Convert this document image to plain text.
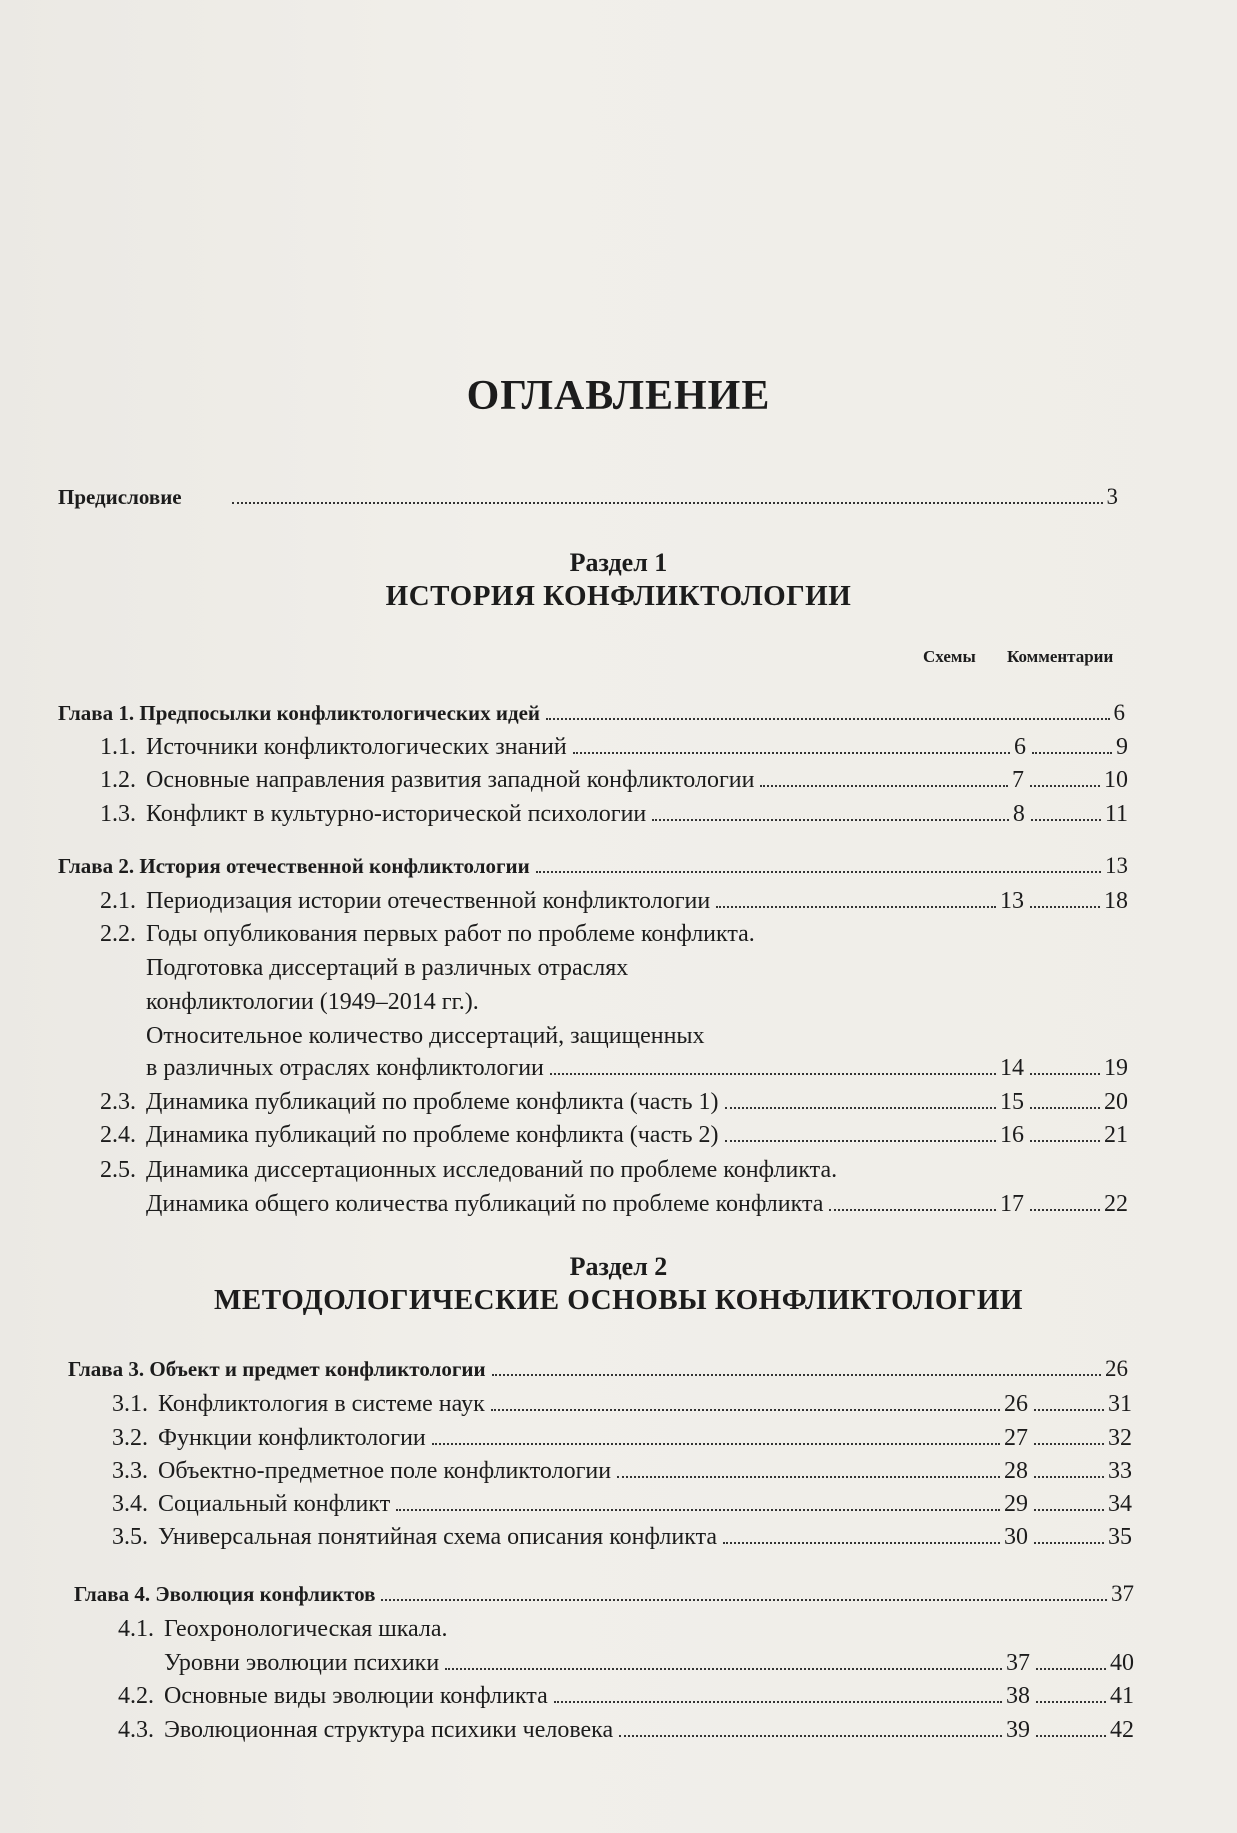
ОГЛАВЛЕНИЕ
Предисловие	3
Раздел 1
ИСТОРИЯ КОНФЛИКТОЛОГИИ
Схемы Комментарии
Глава 1. Предпосылки конфликтологических идей	6
1.1. Источники конфликтологических знаний	6	9
1.2. Основные направления развития западной конфликтологии	7	10
1.3. Конфликт в культурно-исторической психологии	8	11
Глава 2. История отечественной конфликтологии	13
2.1. Периодизация истории отечественной конфликтологии	13	18
2.2. Годы опубликования первых работ по проблеме конфликта.
Подготовка диссертаций в различных отраслях
конфликтологии (1949–2014 гг.).
Относительное количество диссертаций, защищенных
в различных отраслях конфликтологии	14	19
2.3. Динамика публикаций по проблеме конфликта (часть 1)	15	20
2.4. Динамика публикаций по проблеме конфликта (часть 2)	16	21
2.5. Динамика диссертационных исследований по проблеме конфликта.
Динамика общего количества публикаций по проблеме конфликта	17	22
Раздел 2
МЕТОДОЛОГИЧЕСКИЕ ОСНОВЫ КОНФЛИКТОЛОГИИ
Глава 3. Объект и предмет конфликтологии	26
3.1. Конфликтология в системе наук	26	31
3.2. Функции конфликтологии	27	32
3.3. Объектно-предметное поле конфликтологии	28	33
3.4. Социальный конфликт	29	34
3.5. Универсальная понятийная схема описания конфликта	30	35
Глава 4. Эволюция конфликтов	37
4.1. Геохронологическая шкала.
Уровни эволюции психики	37	40
4.2. Основные виды эволюции конфликта	38	41
4.3. Эволюционная структура психики человека	39	42
